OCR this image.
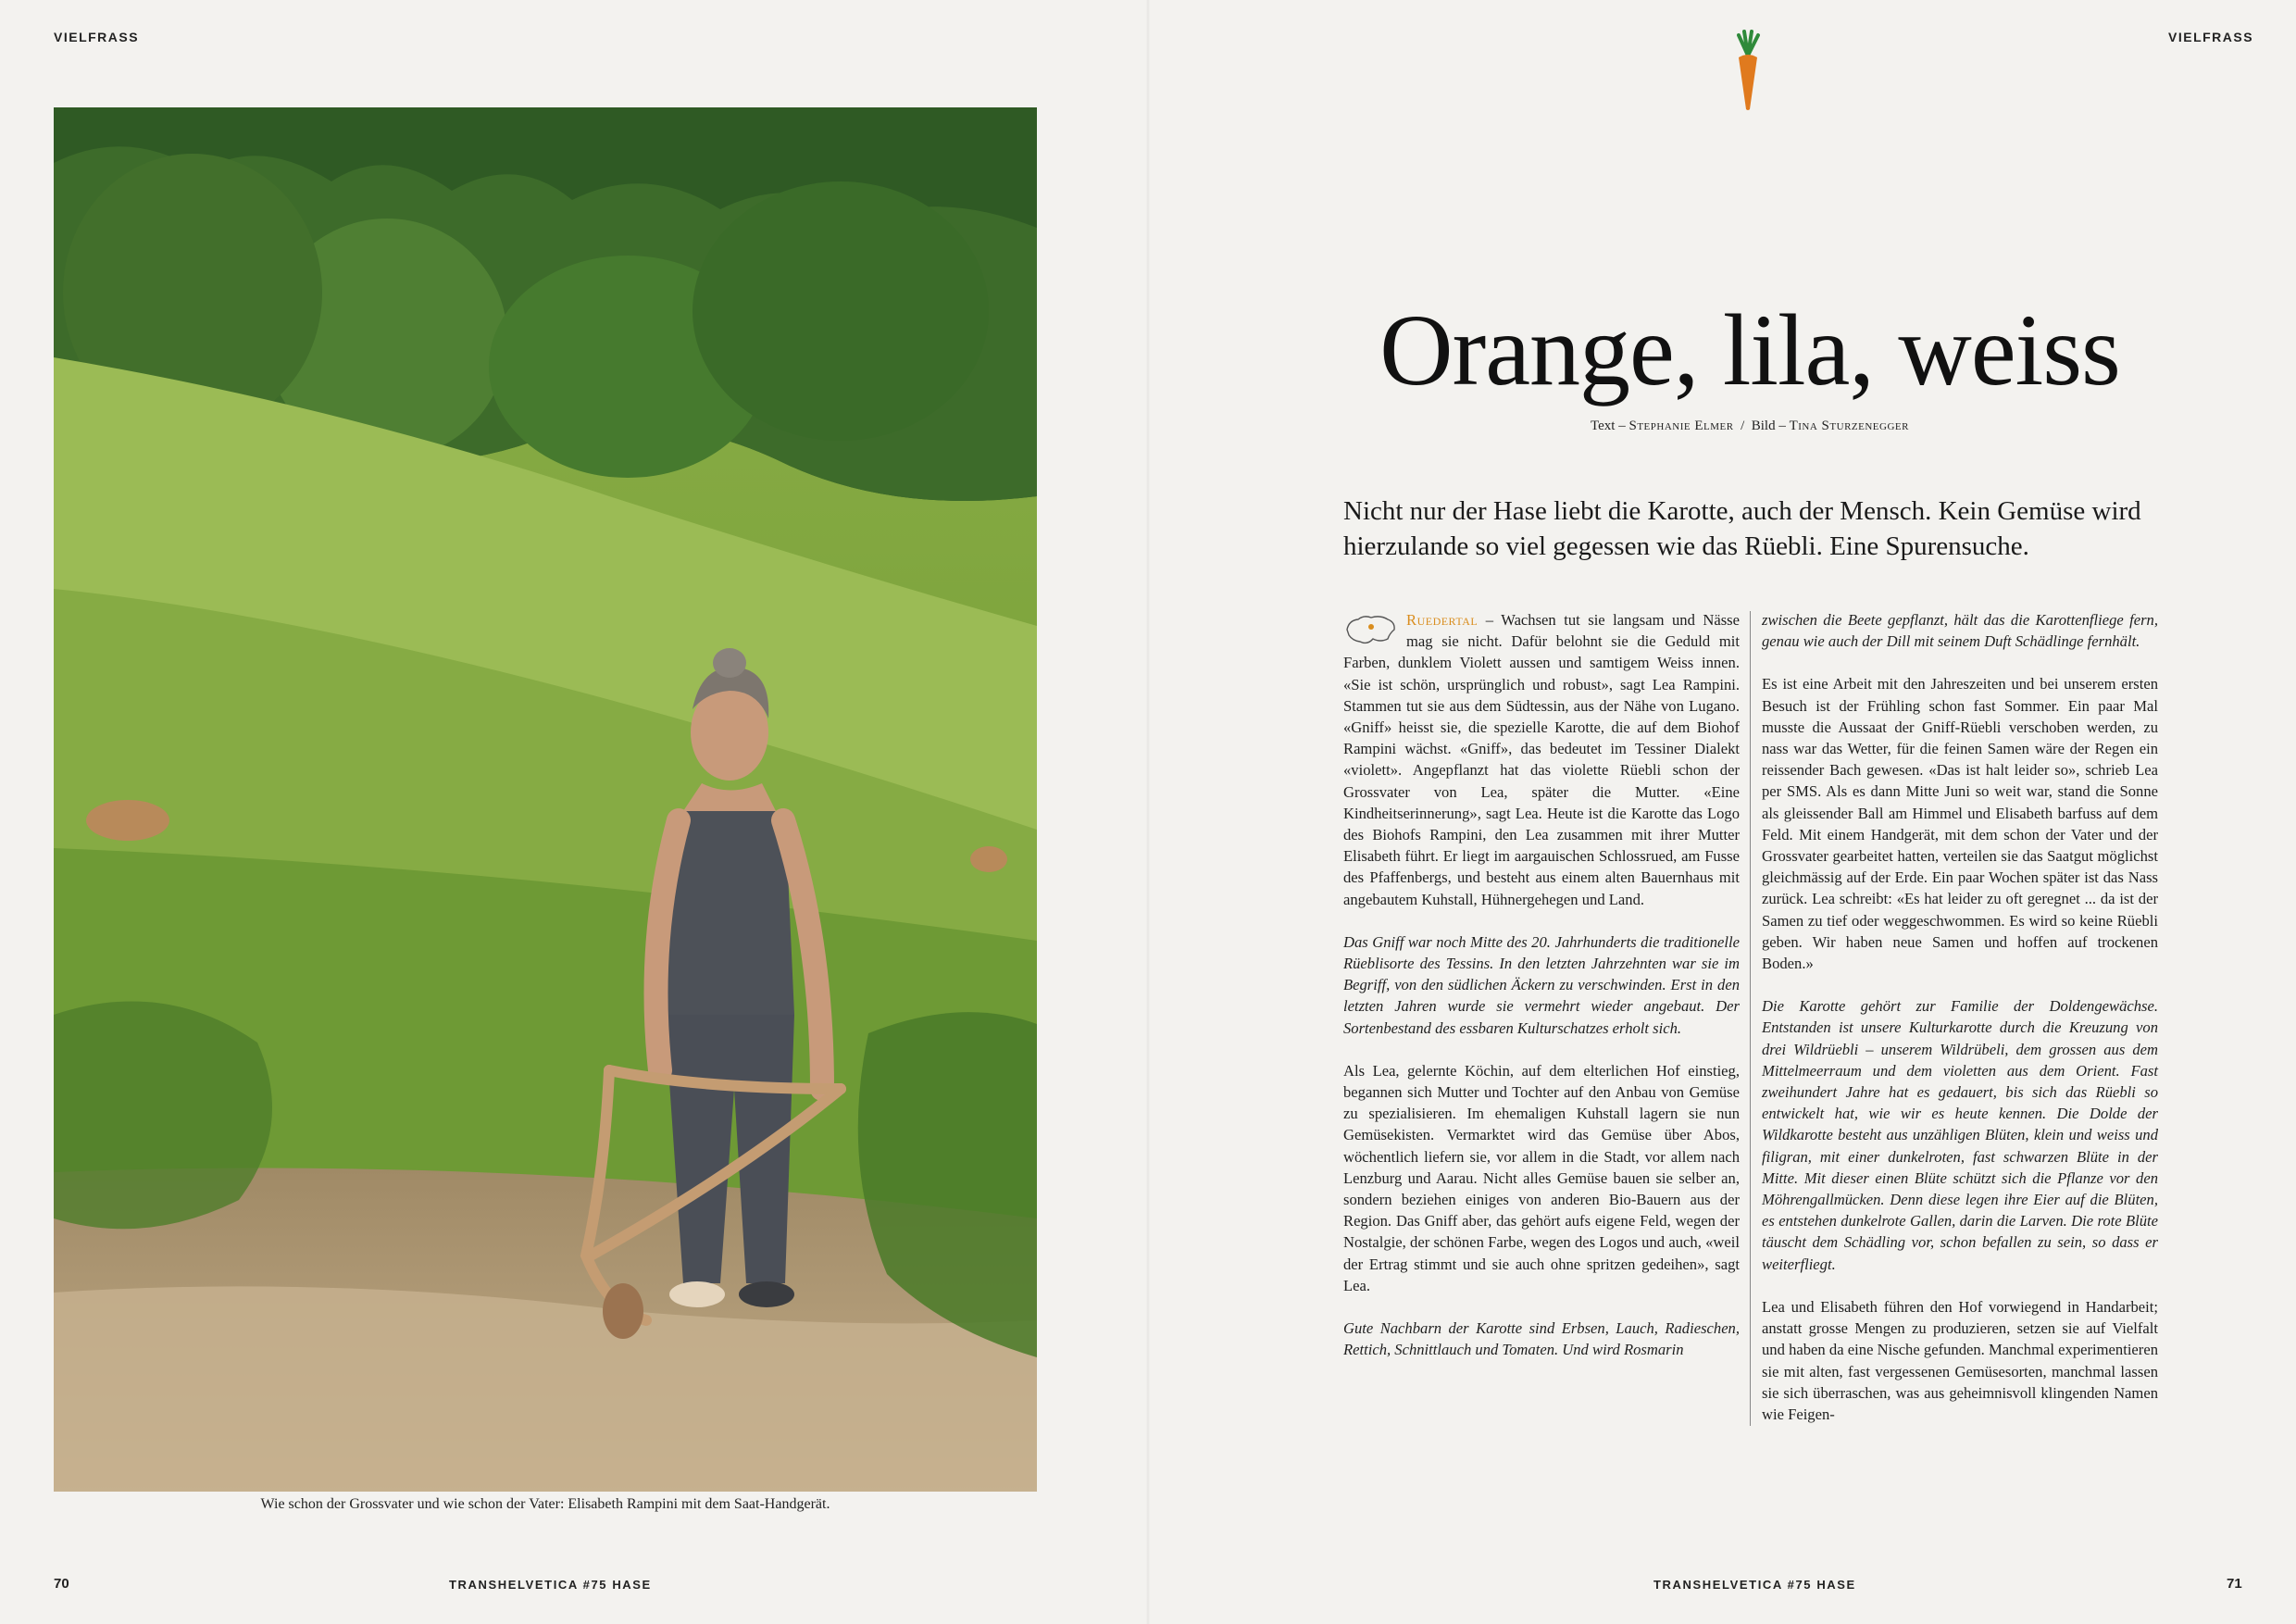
VIELFRASS
Wie schon der Grossvater und wie schon der Vater: Elisabeth Rampini mit dem Saat-Handgerät.
70	TRANSHELVETICA #75 HASE
VIELFRASS
Orange, lila, weiss
Text – Stephanie Elmer / Bild – Tina Sturzenegger
Nicht nur der Hase liebt die Karotte, auch der Mensch. Kein Gemüse wird hierzulande so viel gegessen wie das Rüebli. Eine Spurensuche.

Ruedertal – Wachsen tut sie langsam und Nässe mag sie nicht. Dafür belohnt sie die Geduld mit Farben, dunklem Violett aussen und samtigem Weiss innen. «Sie ist schön, ursprünglich und robust», sagt Lea Rampini. Stammen tut sie aus dem Südtessin, aus der Nähe von Lugano. «Gniff» heisst sie, die spezielle Karotte, die auf dem Biohof Rampini wächst. «Gniff», das bedeutet im Tessiner Dialekt «violett». Angepflanzt hat das violette Rüebli schon der Grossvater von Lea, später die Mutter. «Eine Kindheitserinnerung», sagt Lea. Heute ist die Karotte das Logo des Biohofs Rampini, den Lea zusammen mit ihrer Mutter Elisabeth führt. Er liegt im aargauischen Schlossrued, am Fusse des Pfaffenbergs, und besteht aus einem alten Bauernhaus mit angebautem Kuhstall, Hühnergehegen und Land.

Das Gniff war noch Mitte des 20. Jahrhunderts die traditionelle Rüeblisorte des Tessins. In den letzten Jahrzehnten war sie im Begriff, von den südlichen Äckern zu verschwinden. Erst in den letzten Jahren wurde sie vermehrt wieder angebaut. Der Sortenbestand des essbaren Kulturschatzes erholt sich.

Als Lea, gelernte Köchin, auf dem elterlichen Hof einstieg, begannen sich Mutter und Tochter auf den Anbau von Gemüse zu spezialisieren. Im ehemaligen Kuhstall lagern sie nun Gemüsekisten. Vermarktet wird das Gemüse über Abos, wöchentlich liefern sie, vor allem in die Stadt, vor allem nach Lenzburg und Aarau. Nicht alles Gemüse bauen sie selber an, sondern beziehen einiges von anderen Bio-Bauern aus der Region. Das Gniff aber, das gehört aufs eigene Feld, wegen der Nostalgie, der schönen Farbe, wegen des Logos und auch, «weil der Ertrag stimmt und sie auch ohne spritzen gedeihen», sagt Lea.

Gute Nachbarn der Karotte sind Erbsen, Lauch, Radieschen, Rettich, Schnittlauch und Tomaten. Und wird Rosmarin

zwischen die Beete gepflanzt, hält das die Karottenfliege fern, genau wie auch der Dill mit seinem Duft Schädlinge fernhält.

Es ist eine Arbeit mit den Jahreszeiten und bei unserem ersten Besuch ist der Frühling schon fast Sommer. Ein paar Mal musste die Aussaat der Gniff-Rüebli verschoben werden, zu nass war das Wetter, für die feinen Samen wäre der Regen ein reissender Bach gewesen. «Das ist halt leider so», schrieb Lea per SMS. Als es dann Mitte Juni so weit war, stand die Sonne als gleissender Ball am Himmel und Elisabeth barfuss auf dem Feld. Mit einem Handgerät, mit dem schon der Vater und der Grossvater gearbeitet hatten, verteilen sie das Saatgut möglichst gleichmässig auf der Erde. Ein paar Wochen später ist das Nass zurück. Lea schreibt: «Es hat leider zu oft geregnet ... da ist der Samen zu tief oder weggeschwommen. Es wird so keine Rüebli geben. Wir haben neue Samen und hoffen auf trockenen Boden.»

Die Karotte gehört zur Familie der Doldengewächse. Entstanden ist unsere Kulturkarotte durch die Kreuzung von drei Wildrüebli – unserem Wildrübeli, dem grossen aus dem Mittelmeerraum und dem violetten aus dem Orient. Fast zweihundert Jahre hat es gedauert, bis sich das Rüebli so entwickelt hat, wie wir es heute kennen. Die Dolde der Wildkarotte besteht aus unzähligen Blüten, klein und weiss und filigran, mit einer dunkelroten, fast schwarzen Blüte in der Mitte. Mit dieser einen Blüte schützt sich die Pflanze vor den Möhrengallmücken. Denn diese legen ihre Eier auf die Blüten, es entstehen dunkelrote Gallen, darin die Larven. Die rote Blüte täuscht dem Schädling vor, schon befallen zu sein, so dass er weiterfliegt.

Lea und Elisabeth führen den Hof vorwiegend in Handarbeit; anstatt grosse Mengen zu produzieren, setzen sie auf Vielfalt und haben da eine Nische gefunden. Manchmal experimentieren sie mit alten, fast vergessenen Gemüsesorten, manchmal lassen sie sich überraschen, was aus geheimnisvoll klingenden Namen wie Feigen-

TRANSHELVETICA #75 HASE	71
